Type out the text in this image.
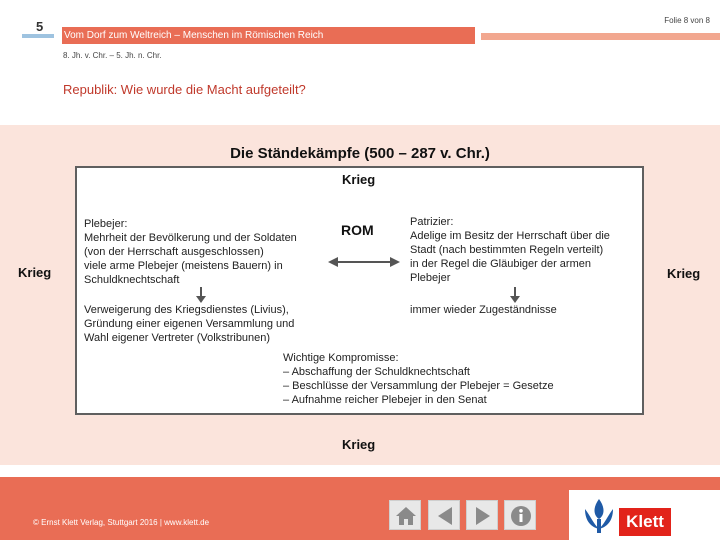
5	Folie 8 von 8
Vom Dorf zum Weltreich – Menschen im Römischen Reich
8. Jh. v. Chr. – 5. Jh. n. Chr.
Republik: Wie wurde die Macht aufgeteilt?
Die Ständekämpfe (500 – 287 v. Chr.)
Krieg
Krieg	Krieg
Krieg
ROM
Plebejer:
Mehrheit der Bevölkerung und der Soldaten
(von der Herrschaft ausgeschlossen)
viele arme Plebejer (meistens Bauern) in
Schuldknechtschaft
Patrizier:
Adelige im Besitz der Herrschaft über die
Stadt (nach bestimmten Regeln verteilt)
in der Regel die Gläubiger der armen
Plebejer
Verweigerung des Kriegsdienstes (Livius),
Gründung einer eigenen Versammlung und
Wahl eigener Vertreter (Volkstribunen)
immer wieder Zugeständnisse
Wichtige Kompromisse:
– Abschaffung der Schuldknechtschaft
– Beschlüsse der Versammlung der Plebejer = Gesetze
– Aufnahme reicher Plebejer in den Senat
© Ernst Klett Verlag, Stuttgart 2016 | www.klett.de	Klett
